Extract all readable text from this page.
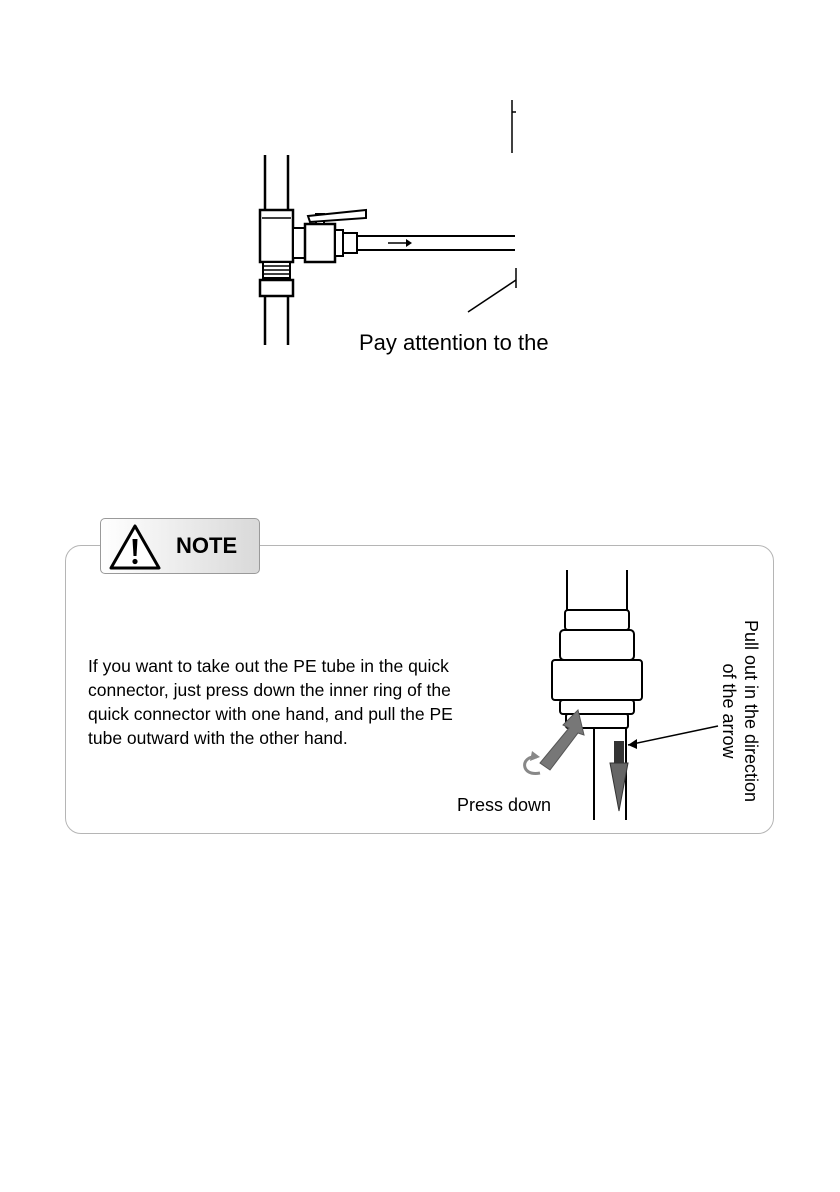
Pay attention to the
NOTE
If you want to take out the PE tube in the quick
connector, just press down the inner ring of the
quick connector with one hand, and pull the PE
tube outward with the other hand.
Press down
Pull out in the direction
of the arrow
